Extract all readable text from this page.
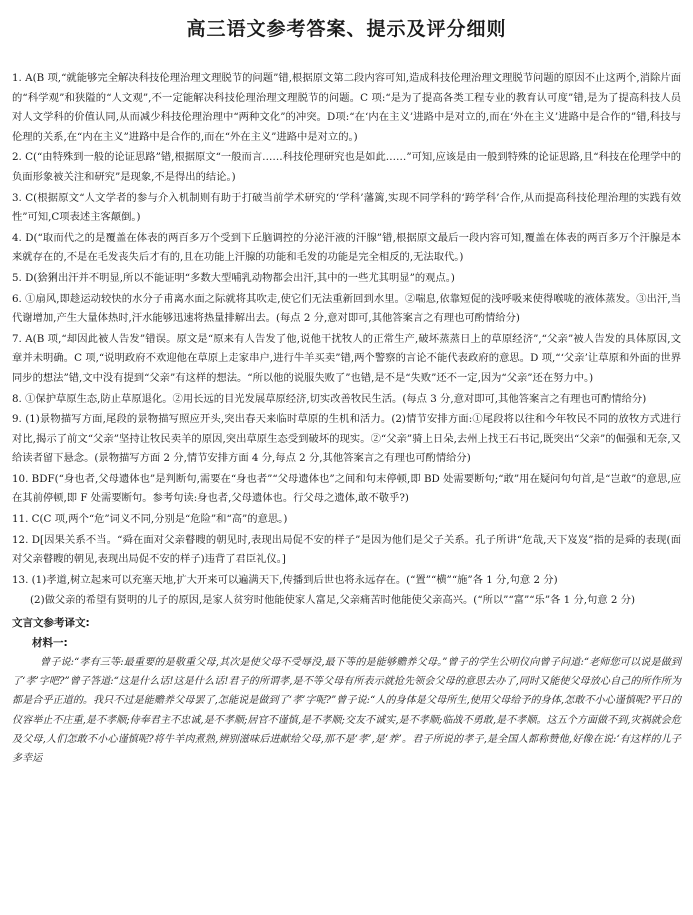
高三语文参考答案、提示及评分细则
1. A(B 项,“就能够完全解决科技伦理治理文理脱节的问题”错,根据原文第二段内容可知,造成科技伦理治理文理脱节问题的原因不止这两个,消除片面的“科学观”和狭隘的“人文观”,不一定能解决科技伦理治理文理脱节的问题。C 项:“是为了提高各类工程专业的教育认可度”错,是为了提高科技人员对人文学科的价值认同,从而减少科技伦理治理中“两种文化”的冲突。D项:“在‘内在主义’进路中是对立的,而在‘外在主义’进路中是合作的”错,科技与伦理的关系,在“内在主义”进路中是合作的,而在“外在主义”进路中是对立的。)
2. C(“由特殊到一般的论证思路”错,根据原文“一般而言……科技伦理研究也是如此……”可知,应该是由一般到特殊的论证思路,且“科技在伦理学中的负面形象被关注和研究”是现象,不是得出的结论。)
3. C(根据原文“人文学者的参与介入机制则有助于打破当前学术研究的‘学科’藩篱,实现不同学科的‘跨学科’合作,从而提高科技伦理治理的实践有效性”可知,C项表述主客颠倒。)
4. D(“取而代之的是覆盖在体表的两百多万个受到下丘脑调控的分泌汗液的汗腺”错,根据原文最后一段内容可知,覆盖在体表的两百多万个汗腺是本来就存在的,不是在毛发丧失后才有的,且在功能上汗腺的功能和毛发的功能是完全相反的,无法取代。)
5. D(猞猁出汗并不明显,所以不能证明“多数大型哺乳动物都会出汗,其中的一些尤其明显”的观点。)
6. ①扇风,即趁运动较快的水分子甫离水面之际就将其吹走,使它们无法重新回到水里。②喘息,依靠短促的浅呼吸来使得喉咙的液体蒸发。③出汗,当代谢增加,产生大量体热时,汗水能够迅速将热量排解出去。(每点 2 分,意对即可,其他答案言之有理也可酌情给分)
7. A(B 项,“却因此被人告发”错误。原文是“原来有人告发了他,说他干扰牧人的正常生产,破坏蒸蒸日上的草原经济”,“父亲”被人告发的具体原因,文章并未明确。C 项,“说明政府不欢迎他在草原上走家串户,进行牛羊买卖”错,两个警察的言论不能代表政府的意思。D 项,“‘父亲’让草原和外面的世界同步的想法”错,文中没有提到“父亲”有这样的想法。“所以他的说服失败了”也错,是不是“失败”还不一定,因为“父亲”还在努力中。)
8. ①保护草原生态,防止草原退化。②用长远的目光发展草原经济,切实改善牧民生活。(每点 3 分,意对即可,其他答案言之有理也可酌情给分)
9. (1)景物描写方面,尾段的景物描写照应开头,突出春天来临时草原的生机和活力。(2)情节安排方面:①尾段将以往和今年牧民不同的放牧方式进行对比,揭示了前文“父亲”坚持让牧民卖羊的原因,突出草原生态受到破坏的现实。②“父亲”骑上日朵,去州上找王石书记,既突出“父亲”的倔强和无奈,又给读者留下悬念。(景物描写方面 2 分,情节安排方面 4 分,每点 2 分,其他答案言之有理也可酌情给分)
10. BDF(“身也者,父母遗体也”是判断句,需要在“身也者”“父母遗体也”之间和句末停顿,即 BD 处需要断句;“敢”用在疑问句句首,是“岂敢”的意思,应在其前停顿,即 F 处需要断句。参考句读:身也者,父母遗体也。行父母之遗体,敢不敬乎?)
11. C(C 项,两个“危”词义不同,分别是“危险”和“高”的意思。)
12. D[因果关系不当。“舜在面对父亲瞽瞍的朝见时,表现出局促不安的样子”是因为他们是父子关系。孔子所讲“危哉,天下岌岌”指的是舜的表现(面对父亲瞽瞍的朝见,表现出局促不安的样子)违背了君臣礼仪。]
13. (1)孝道,树立起来可以充塞天地,扩大开来可以遍满天下,传播到后世也将永远存在。(“置”“横”“施”各 1 分,句意 2 分)
(2)做父亲的希望有贤明的儿子的原因,是家人贫穷时他能使家人富足,父亲痛苦时他能使父亲高兴。(“所以”“富”“乐”各 1 分,句意 2 分)
文言文参考译文:
材料一:
曾子说:“孝有三等:最重要的是敬重父母,其次是使父母不受辱没,最下等的是能够赡养父母。”曾子的学生公明仪向曾子问道:“老师您可以说是做到了‘孝’字吧?”曾子答道:“这是什么话!这是什么话!君子的所谓孝,是不等父母有所表示就抢先领会父母的意思去办了,同时又能使父母放心自己的所作所为都是合乎正道的。我只不过是能赡养父母罢了,怎能说是做到了‘孝’字呢?”曾子说:“人的身体是父母所生,使用父母给予的身体,怎敢不小心谨慎呢?平日的仪容举止不庄重,是不孝顺;侍奉君主不忠诚,是不孝顺;居官不谨慎,是不孝顺;交友不诚实,是不孝顺;临战不勇敢,是不孝顺。这五个方面做不到,灾祸就会危及父母,人们怎敢不小心谨慎呢?将牛羊肉煮熟,辨别滋味后进献给父母,那不是‘孝’,是‘养’。君子所说的孝子,是全国人都称赞他,好像在说:‘有这样的儿子多幸运
